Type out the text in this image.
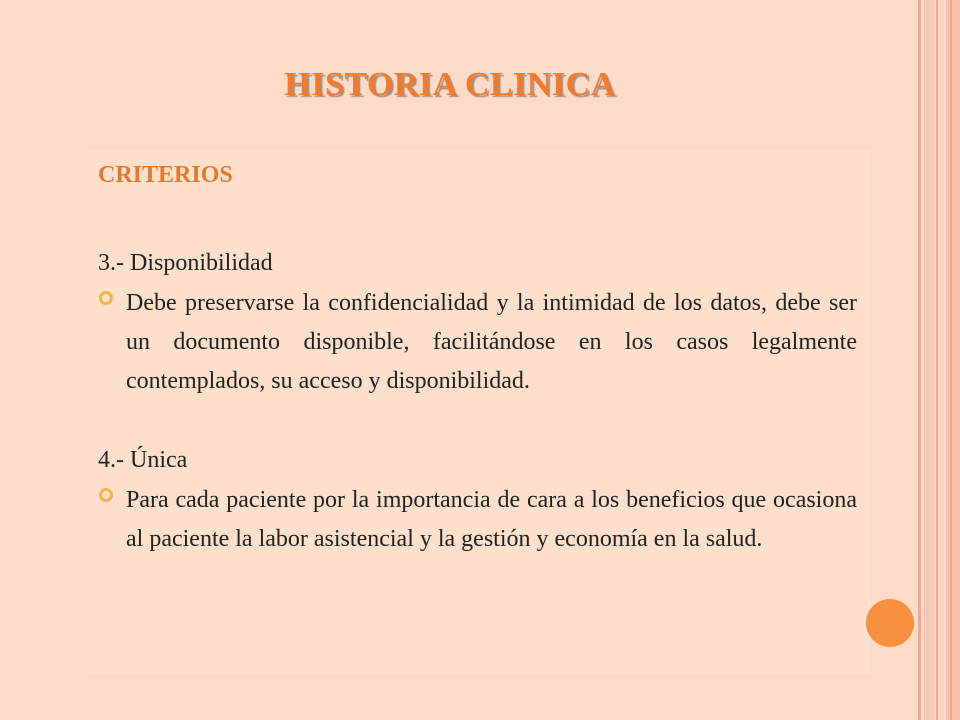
HISTORIA CLINICA
CRITERIOS
3.- Disponibilidad

Debe preservarse la confidencialidad y la intimidad de los datos, debe ser un documento disponible, facilitándose en los casos legalmente contemplados, su acceso y disponibilidad.

4.- Única

Para cada paciente por la importancia de cara a los beneficios que ocasiona al paciente la labor asistencial y la gestión y economía en la salud.
